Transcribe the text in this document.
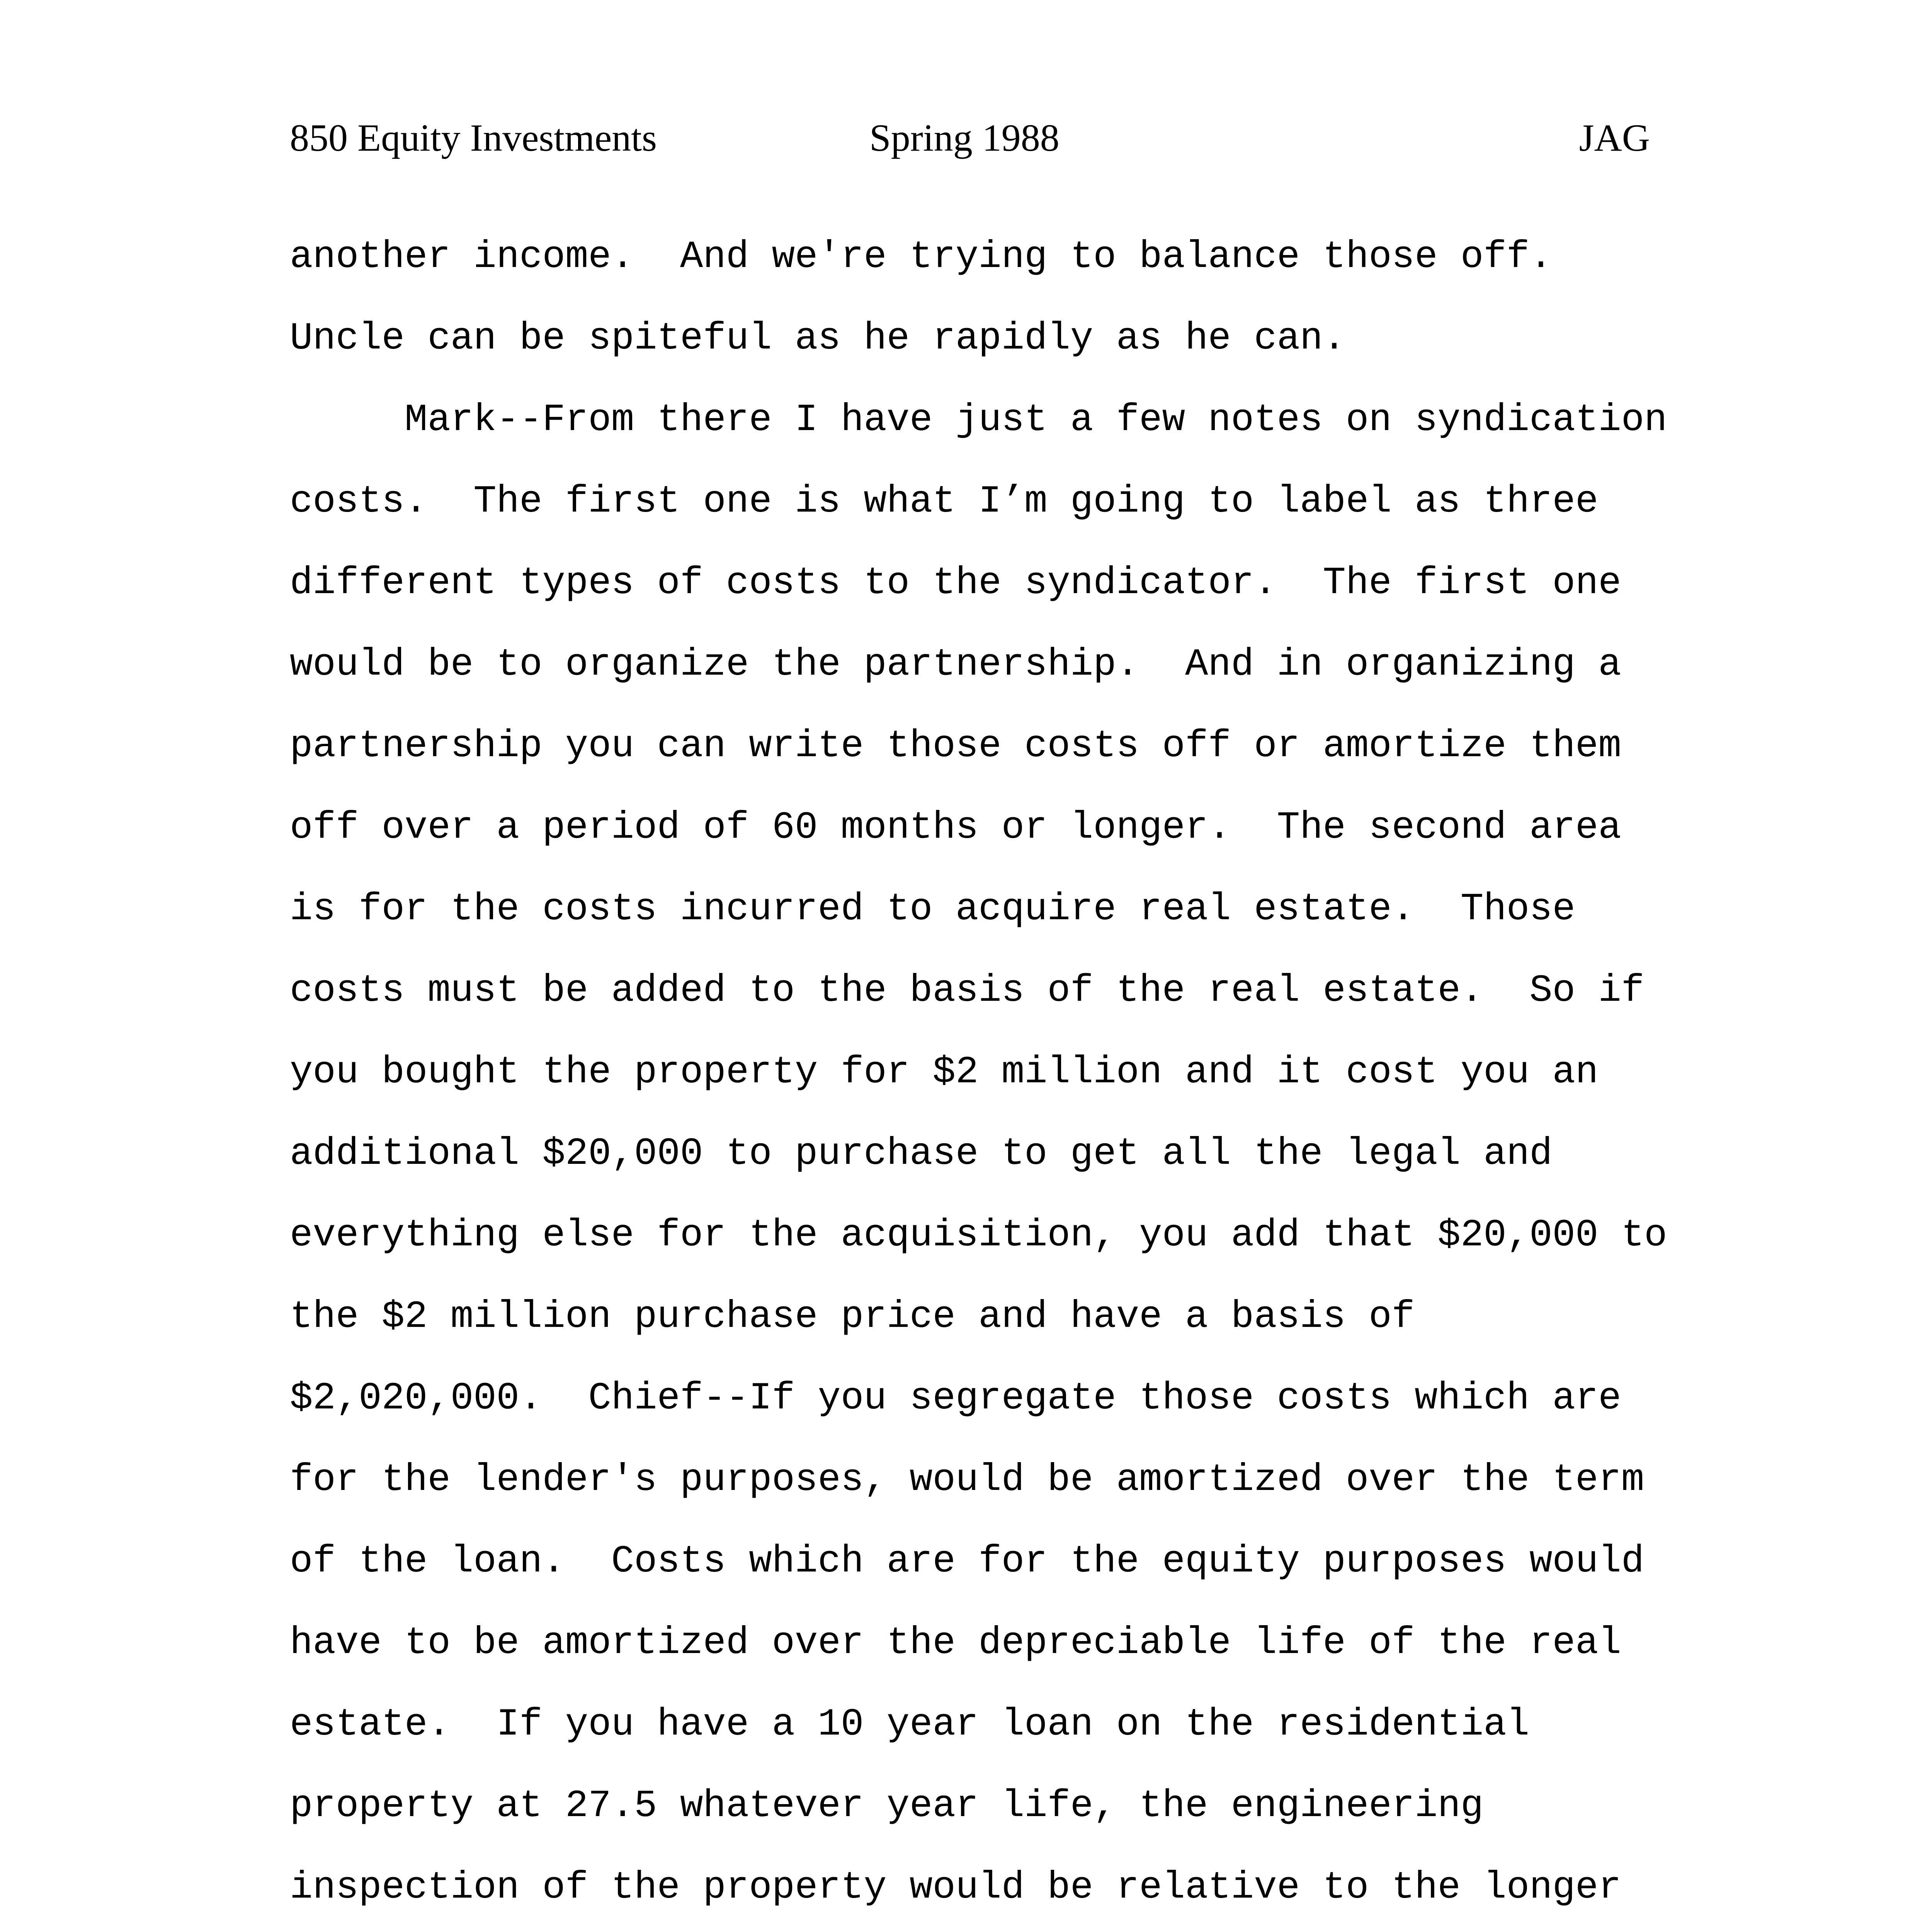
850 Equity Investments	Spring 1988	JAG
another income.  And we're trying to balance those off.
Uncle can be spiteful as he rapidly as he can.
Mark--From there I have just a few notes on syndication
costs.  The first one is what I’m going to label as three
different types of costs to the syndicator.  The first one
would be to organize the partnership.  And in organizing a
partnership you can write those costs off or amortize them
off over a period of 60 months or longer.  The second area
is for the costs incurred to acquire real estate.  Those
costs must be added to the basis of the real estate.  So if
you bought the property for $2 million and it cost you an
additional $20,000 to purchase to get all the legal and
everything else for the acquisition, you add that $20,000 to
the $2 million purchase price and have a basis of
$2,020,000.  Chief--If you segregate those costs which are
for the lender's purposes, would be amortized over the term
of the loan.  Costs which are for the equity purposes would
have to be amortized over the depreciable life of the real
estate.  If you have a 10 year loan on the residential
property at 27.5 whatever year life, the engineering
inspection of the property would be relative to the longer
